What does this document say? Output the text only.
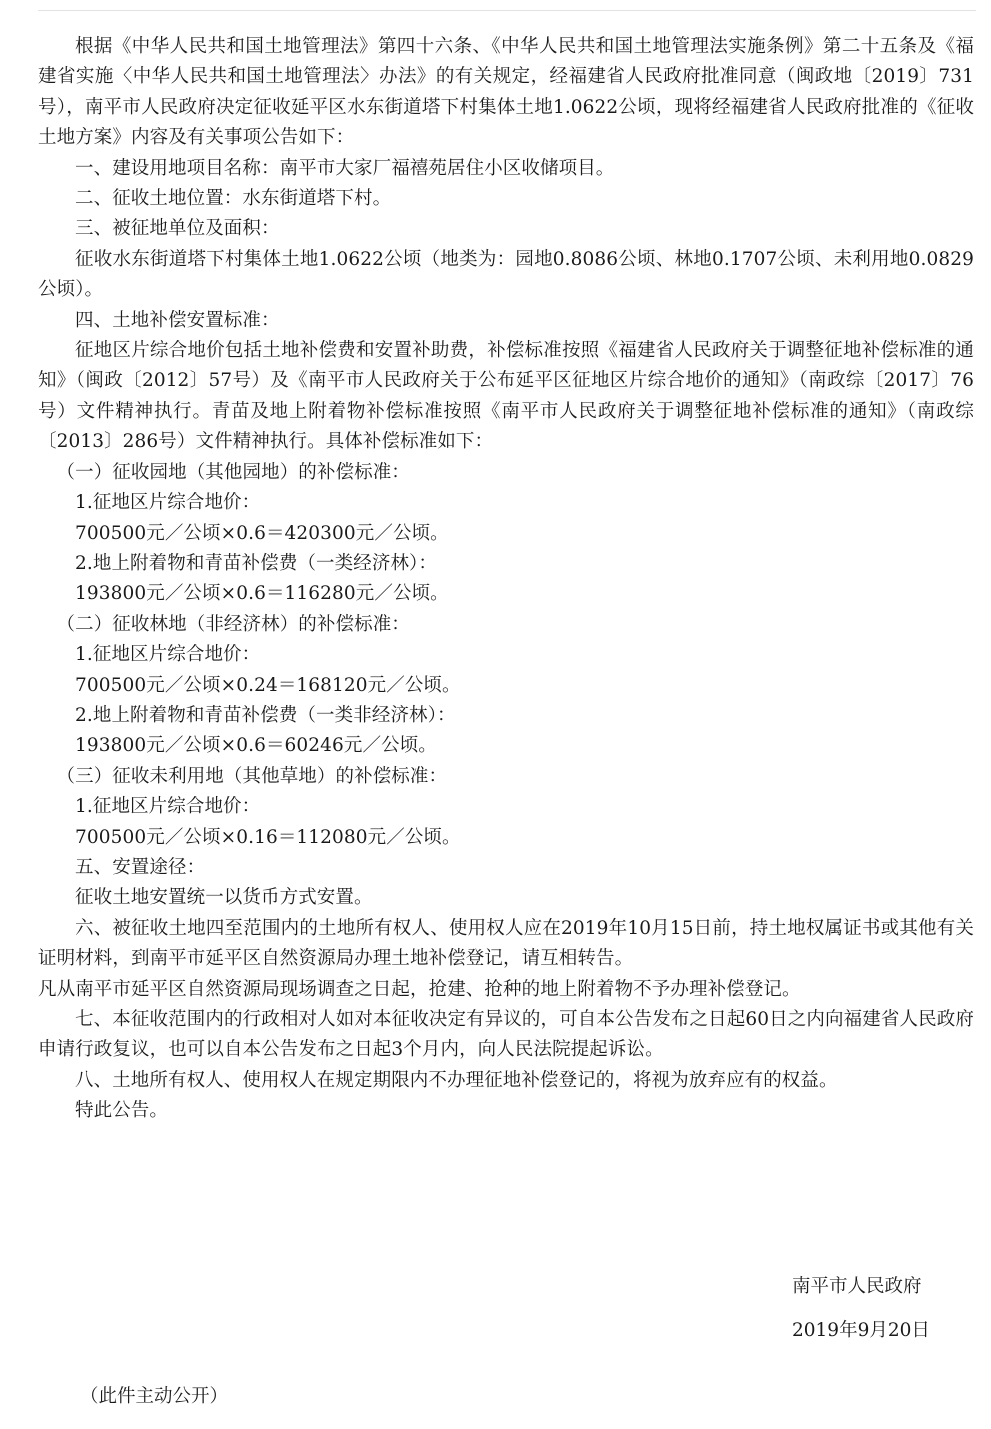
根据《中华人民共和国土地管理法》第四十六条、《中华人民共和国土地管理法实施条例》第二十五条及《福建省实施〈中华人民共和国土地管理法〉办法》的有关规定，经福建省人民政府批准同意（闽政地〔2019〕731号），南平市人民政府决定征收延平区水东街道塔下村集体土地1.0622公顷，现将经福建省人民政府批准的《征收土地方案》内容及有关事项公告如下：

一、建设用地项目名称：南平市大家厂福禧苑居住小区收储项目。

二、征收土地位置：水东街道塔下村。

三、被征地单位及面积：

征收水东街道塔下村集体土地1.0622公顷（地类为：园地0.8086公顷、林地0.1707公顷、未利用地0.0829公顷）。

四、土地补偿安置标准：

征地区片综合地价包括土地补偿费和安置补助费，补偿标准按照《福建省人民政府关于调整征地补偿标准的通知》（闽政〔2012〕57号）及《南平市人民政府关于公布延平区征地区片综合地价的通知》（南政综〔2017〕76号）文件精神执行。青苗及地上附着物补偿标准按照《南平市人民政府关于调整征地补偿标准的通知》（南政综〔2013〕286号）文件精神执行。具体补偿标准如下：

（一）征收园地（其他园地）的补偿标准：

1.征地区片综合地价：

700500元／公顷×0.6＝420300元／公顷。

2.地上附着物和青苗补偿费（一类经济林）：

193800元／公顷×0.6＝116280元／公顷。

（二）征收林地（非经济林）的补偿标准：

1.征地区片综合地价：

700500元／公顷×0.24＝168120元／公顷。

2.地上附着物和青苗补偿费（一类非经济林）：

193800元／公顷×0.6＝60246元／公顷。

（三）征收未利用地（其他草地）的补偿标准：

1.征地区片综合地价：

700500元／公顷×0.16＝112080元／公顷。

五、安置途径：

征收土地安置统一以货币方式安置。

六、被征收土地四至范围内的土地所有权人、使用权人应在2019年10月15日前，持土地权属证书或其他有关证明材料，到南平市延平区自然资源局办理土地补偿登记，请互相转告。

凡从南平市延平区自然资源局现场调查之日起，抢建、抢种的地上附着物不予办理补偿登记。

七、本征收范围内的行政相对人如对本征收决定有异议的，可自本公告发布之日起60日之内向福建省人民政府申请行政复议，也可以自本公告发布之日起3个月内，向人民法院提起诉讼。

八、土地所有权人、使用权人在规定期限内不办理征地补偿登记的，将视为放弃应有的权益。

特此公告。

南平市人民政府
2019年9月20日
（此件主动公开）
